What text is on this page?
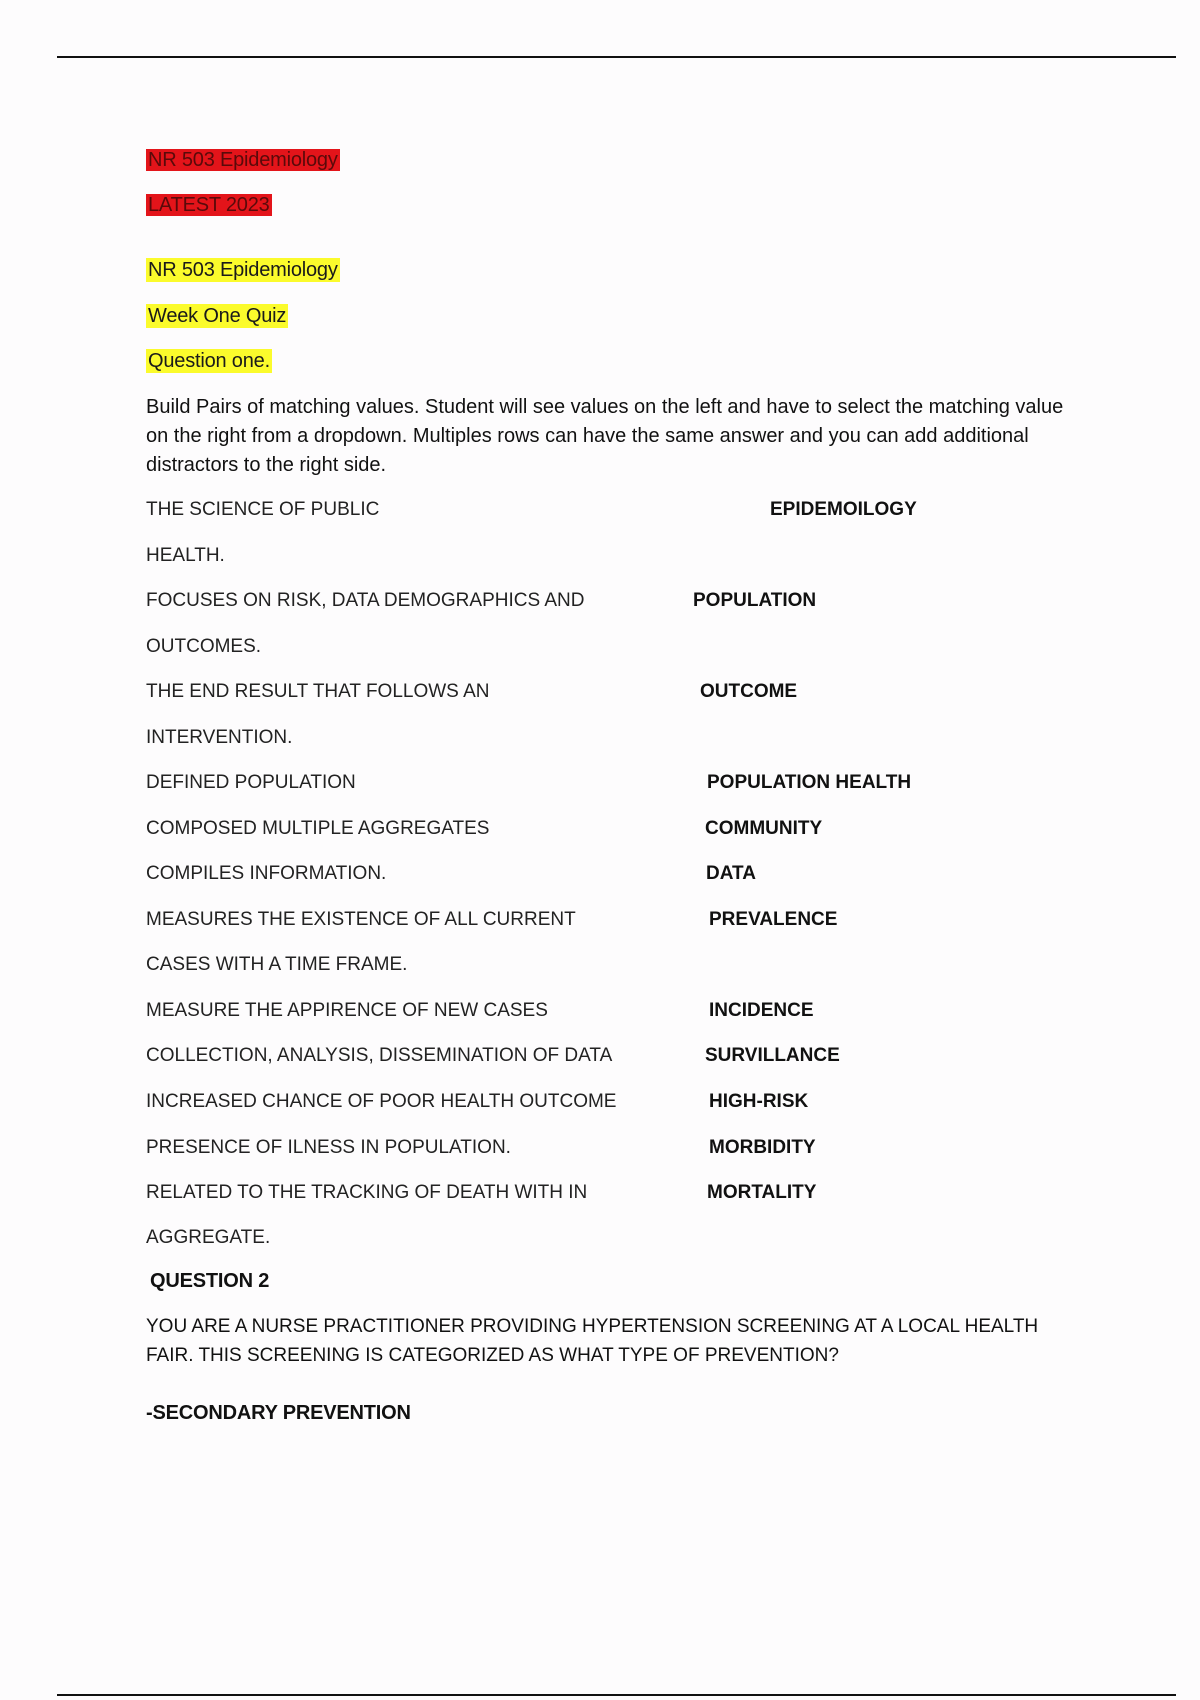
NR 503 Epidemiology
LATEST 2023
NR 503 Epidemiology
Week One Quiz
Question one.
Build Pairs of matching values. Student will see values on the left and have to select the matching value on the right from a dropdown. Multiples rows can have the same answer and you can add additional distractors to the right side.
THE SCIENCE OF PUBLIC	EPIDEMOILOGY
HEALTH.
FOCUSES ON RISK, DATA DEMOGRAPHICS AND	POPULATION
OUTCOMES.
THE END RESULT THAT FOLLOWS AN	OUTCOME
INTERVENTION.
DEFINED POPULATION	POPULATION HEALTH
COMPOSED MULTIPLE AGGREGATES	COMMUNITY
COMPILES INFORMATION.	DATA
MEASURES THE EXISTENCE OF ALL CURRENT	PREVALENCE
CASES WITH A TIME FRAME.
MEASURE THE APPIRENCE OF NEW CASES	INCIDENCE
COLLECTION, ANALYSIS, DISSEMINATION OF DATA	SURVILLANCE
INCREASED CHANCE OF POOR HEALTH OUTCOME	HIGH-RISK
PRESENCE OF ILNESS IN POPULATION.	MORBIDITY
RELATED TO THE TRACKING OF DEATH WITH IN	MORTALITY
AGGREGATE.
QUESTION 2
YOU ARE A NURSE PRACTITIONER PROVIDING HYPERTENSION SCREENING AT A LOCAL HEALTH FAIR. THIS SCREENING IS CATEGORIZED AS WHAT TYPE OF PREVENTION?
-SECONDARY PREVENTION
